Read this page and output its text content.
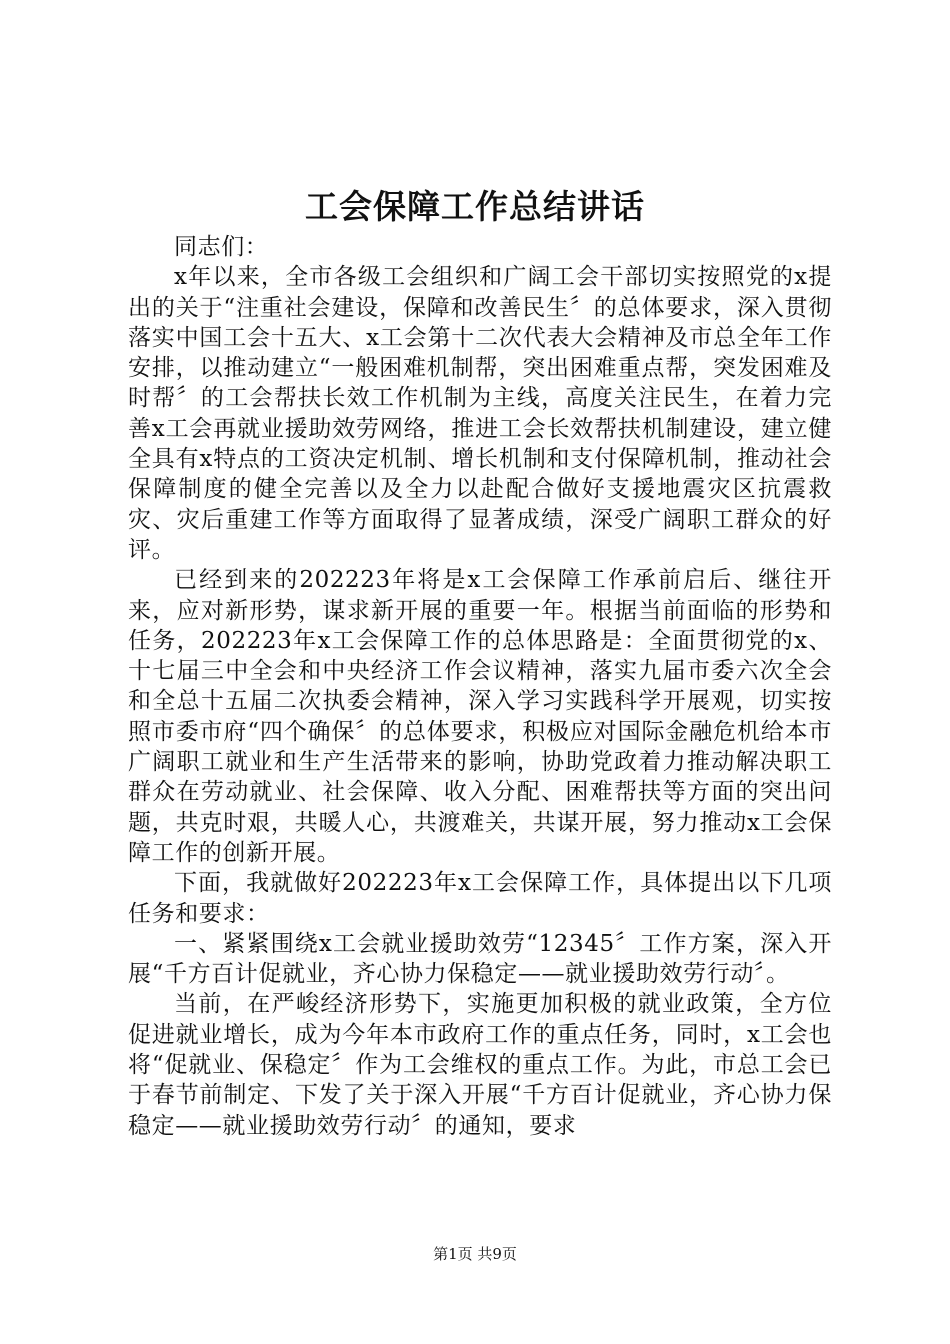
工会保障工作总结讲话

同志们：

x年以来，全市各级工会组织和广阔工会干部切实按照党的x提出的关于“注重社会建设，保障和改善民生〞的总体要求，深入贯彻落实中国工会十五大、x工会第十二次代表大会精神及市总全年工作安排，以推动建立“一般困难机制帮，突出困难重点帮，突发困难及时帮〞的工会帮扶长效工作机制为主线，高度关注民生，在着力完善x工会再就业援助效劳网络，推进工会长效帮扶机制建设，建立健全具有x特点的工资决定机制、增长机制和支付保障机制，推动社会保障制度的健全完善以及全力以赴配合做好支援地震灾区抗震救灾、灾后重建工作等方面取得了显著成绩，深受广阔职工群众的好评。

已经到来的202223年将是x工会保障工作承前启后、继往开来，应对新形势，谋求新开展的重要一年。根据当前面临的形势和任务，202223年x工会保障工作的总体思路是：全面贯彻党的x、十七届三中全会和中央经济工作会议精神，落实九届市委六次全会和全总十五届二次执委会精神，深入学习实践科学开展观，切实按照市委市府“四个确保〞的总体要求，积极应对国际金融危机给本市广阔职工就业和生产生活带来的影响，协助党政着力推动解决职工群众在劳动就业、社会保障、收入分配、困难帮扶等方面的突出问题，共克时艰，共暖人心，共渡难关，共谋开展，努力推动x工会保障工作的创新开展。

下面，我就做好202223年x工会保障工作，具体提出以下几项任务和要求：

一、紧紧围绕x工会就业援助效劳“12345〞工作方案，深入开展“千方百计促就业，齐心协力保稳定——就业援助效劳行动〞。

当前，在严峻经济形势下，实施更加积极的就业政策，全方位促进就业增长，成为今年本市政府工作的重点任务，同时，x工会也将“促就业、保稳定〞作为工会维权的重点工作。为此，市总工会已于春节前制定、下发了关于深入开展“千方百计促就业，齐心协力保稳定——就业援助效劳行动〞的通知，要求

第1页 共9页
